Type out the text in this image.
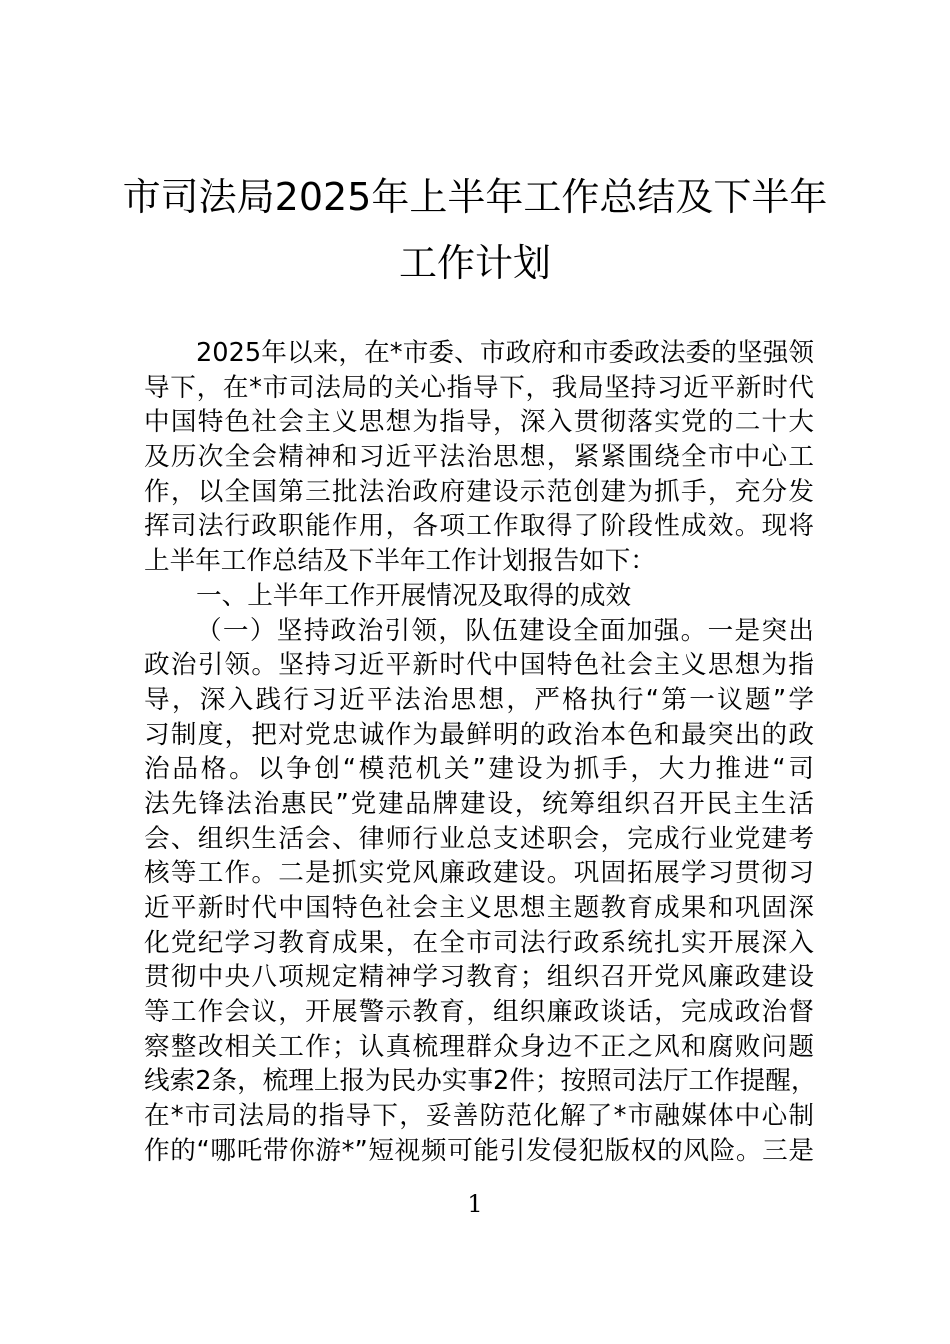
市司法局2025年上半年工作总结及下半年
工作计划
2025年以来，在*市委、市政府和市委政法委的坚强领
导下，在*市司法局的关心指导下，我局坚持习近平新时代
中国特色社会主义思想为指导，深入贯彻落实党的二十大
及历次全会精神和习近平法治思想，紧紧围绕全市中心工
作，以全国第三批法治政府建设示范创建为抓手，充分发
挥司法行政职能作用，各项工作取得了阶段性成效。现将
上半年工作总结及下半年工作计划报告如下：
一、上半年工作开展情况及取得的成效
（一）坚持政治引领，队伍建设全面加强。一是突出
政治引领。坚持习近平新时代中国特色社会主义思想为指
导，深入践行习近平法治思想，严格执行“第一议题”学
习制度，把对党忠诚作为最鲜明的政治本色和最突出的政
治品格。以争创“模范机关”建设为抓手，大力推进“司
法先锋法治惠民”党建品牌建设，统筹组织召开民主生活
会、组织生活会、律师行业总支述职会，完成行业党建考
核等工作。二是抓实党风廉政建设。巩固拓展学习贯彻习
近平新时代中国特色社会主义思想主题教育成果和巩固深
化党纪学习教育成果，在全市司法行政系统扎实开展深入
贯彻中央八项规定精神学习教育；组织召开党风廉政建设
等工作会议，开展警示教育，组织廉政谈话，完成政治督
察整改相关工作；认真梳理群众身边不正之风和腐败问题
线索2条，梳理上报为民办实事2件；按照司法厅工作提醒，
在*市司法局的指导下，妥善防范化解了*市融媒体中心制
作的“哪吒带你游*”短视频可能引发侵犯版权的风险。三是
1
